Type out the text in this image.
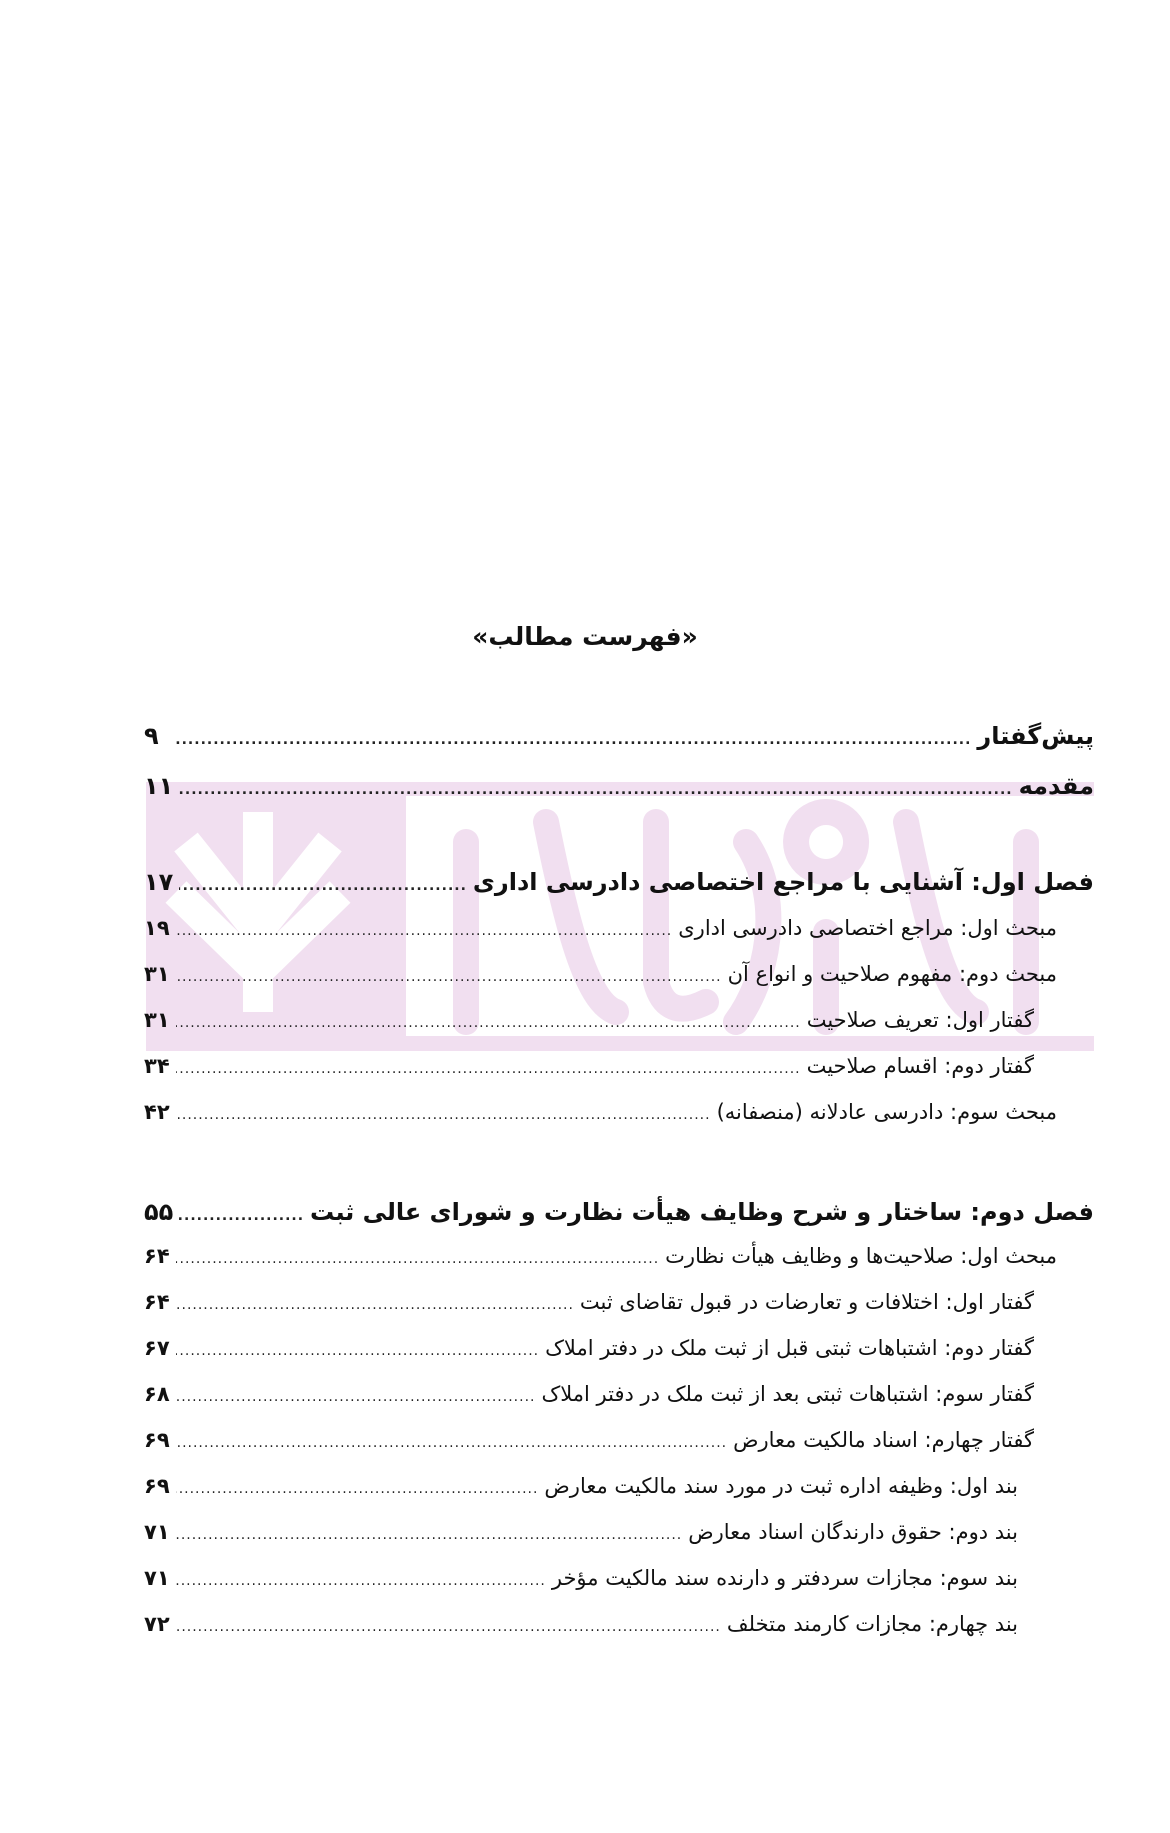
«فهرست مطالب»
پیش‌گفتار
.....
۹
مقدمه
.....
۱۱
فصل اول: آشنایی با مراجع اختصاصی دادرسی اداری
.....
۱۷
مبحث اول: مراجع اختصاصی دادرسی اداری
.....
۱۹
مبحث دوم: مفهوم صلاحیت و انواع آن
.....
۳۱
گفتار اول: تعریف صلاحیت
.....
۳۱
گفتار دوم: اقسام صلاحیت
.....
۳۴
مبحث سوم: دادرسی عادلانه (منصفانه)
.....
۴۲
فصل دوم: ساختار و شرح وظایف هیأت نظارت و شورای عالی ثبت
.....
۵۵
مبحث اول: صلاحیت‌ها و وظایف هیأت نظارت
.....
۶۴
گفتار اول: اختلافات و تعارضات در قبول تقاضای ثبت
.....
۶۴
گفتار دوم: اشتباهات ثبتی قبل از ثبت ملک در دفتر املاک
.....
۶۷
گفتار سوم: اشتباهات ثبتی بعد از ثبت ملک در دفتر املاک
.....
۶۸
گفتار چهارم: اسناد مالکیت معارض
.....
۶۹
بند اول: وظیفه اداره ثبت در مورد سند مالکیت معارض
.....
۶۹
بند دوم: حقوق دارندگان اسناد معارض
.....
۷۱
بند سوم: مجازات سردفتر و دارنده سند مالکیت مؤخر
.....
۷۱
بند چهارم: مجازات کارمند متخلف
.....
۷۲
